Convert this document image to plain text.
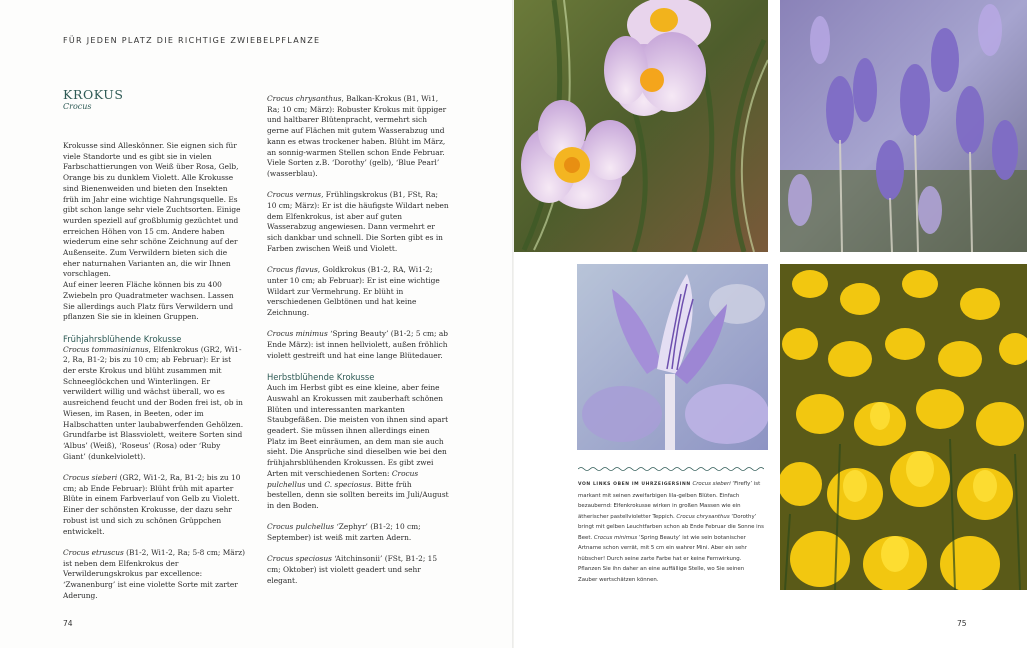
FÜR JEDEN PLATZ DIE RICHTIGE ZWIEBELPFLANZE
KROKUS
Crocus

Krokusse sind Alleskönner. Sie eignen sich für viele Standorte und es gibt sie in vielen Farbschattierungen von Weiß über Rosa, Gelb, Orange bis zu dunklem Violett. Alle Krokusse sind Bienenweiden und bieten den Insekten früh im Jahr eine wichtige Nahrungsquelle. Es gibt schon lange sehr viele Zuchtsorten. Einige wurden speziell auf großblumig gezüchtet und erreichen Höhen von 15 cm. Andere haben wiederum eine sehr schöne Zeichnung auf der Außenseite. Zum Verwildern bieten sich die eher naturnahen Varianten an, die wir Ihnen vorschlagen.

Auf einer leeren Fläche können bis zu 400 Zwiebeln pro Quadratmeter wachsen. Lassen Sie allerdings auch Platz fürs Verwildern und pflanzen Sie sie in kleinen Gruppen.

Frühjahrsblühende Krokusse

Crocus tommasinianus, Elfenkrokus (GR2, Wi1-2, Ra, B1-2; bis zu 10 cm; ab Februar): Er ist der erste Krokus und blüht zusammen mit Schneeglöckchen und Winterlingen. Er verwildert willig und wächst überall, wo es ausreichend feucht und der Boden frei ist, ob in Wiesen, im Rasen, in Beeten, oder im Halbschatten unter laubabwerfenden Gehölzen. Grundfarbe ist Blassviolett, weitere Sorten sind ‘Albus’ (Weiß), ‘Roseus’ (Rosa) oder ‘Ruby Giant’ (dunkelviolett).

Crocus sieberi (GR2, Wi1-2, Ra, B1-2; bis zu 10 cm; ab Ende Februar): Blüht früh mit aparter Blüte in einem Farbverlauf von Gelb zu Violett. Einer der schönsten Krokusse, der dazu sehr robust ist und sich zu schönen Grüppchen entwickelt.

Crocus etruscus (B1-2, Wi1-2, Ra; 5-8 cm; März) ist neben dem Elfenkrokus der Verwilderungskrokus par excellence: ‘Zwanenburg’ ist eine violette Sorte mit zarter Aderung.

Crocus chrysanthus, Balkan-Krokus (B1, Wi1, Ra; 10 cm; März): Robuster Krokus mit üppiger und haltbarer Blütenpracht, vermehrt sich gerne auf Flächen mit gutem Wasserabzug und kann es etwas trockener haben. Blüht im März, an sonnig-warmen Stellen schon Ende Februar. Viele Sorten z.B. ‘Dorothy’ (gelb), ‘Blue Pearl’ (wasserblau).

Crocus vernus, Frühlingskrokus (B1, FSt, Ra; 10 cm; März): Er ist die häufigste Wildart neben dem Elfenkrokus, ist aber auf guten Wasserabzug angewiesen. Dann vermehrt er sich dankbar und schnell. Die Sorten gibt es in Farben zwischen Weiß und Violett.

Crocus flavus, Goldkrokus (B1-2, RA, Wi1-2; unter 10 cm; ab Februar): Er ist eine wichtige Wildart zur Vermehrung. Er blüht in verschiedenen Gelbtönen und hat keine Zeichnung.

Crocus minimus ‘Spring Beauty’ (B1-2; 5 cm; ab Ende März): ist innen hellviolett, außen fröhlich violett gestreift und hat eine lange Blütedauer.

Herbstblühende Krokusse

Auch im Herbst gibt es eine kleine, aber feine Auswahl an Krokussen mit zauberhaft schönen Blüten und interessanten markanten Staubgefäßen. Die meisten von ihnen sind apart geadert. Sie müssen ihnen allerdings einen Platz im Beet einräumen, an dem man sie auch sieht. Die Ansprüche sind dieselben wie bei den frühjahrsblühenden Krokussen. Es gibt zwei Arten mit verschiedenen Sorten: Crocus pulchellus und C. speciosus. Bitte früh bestellen, denn sie sollten bereits im Juli/August in den Boden.

Crocus pulchellus ‘Zephyr’ (B1-2; 10 cm; September) ist weiß mit zarten Adern.

Crocus speciosus ‘Aitchinsonii’ (FSt, B1-2; 15 cm; Oktober) ist violett geadert und sehr elegant.

74	75
VON LINKS OBEN IM UHRZEIGERSINN Crocus sieberi ‘Firefly’ ist markant mit seinen zweifarbigen lila-gelben Blüten. Einfach bezaubernd: Elfenkrokusse wirken in großen Massen wie ein ätherischer pastellvioletter Teppich. Crocus chrysanthus ‘Dorothy’ bringt mit gelben Leuchtfarben schon ab Ende Februar die Sonne ins Beet. Crocus minimus ‘Spring Beauty’ ist wie sein botanischer Artname schon verrät, mit 5 cm ein wahrer Mini. Aber ein sehr hübscher! Durch seine zarte Farbe hat er keine Fernwirkung. Pflanzen Sie ihn daher an eine auffällige Stelle, wo Sie seinen Zauber wertschätzen können.
